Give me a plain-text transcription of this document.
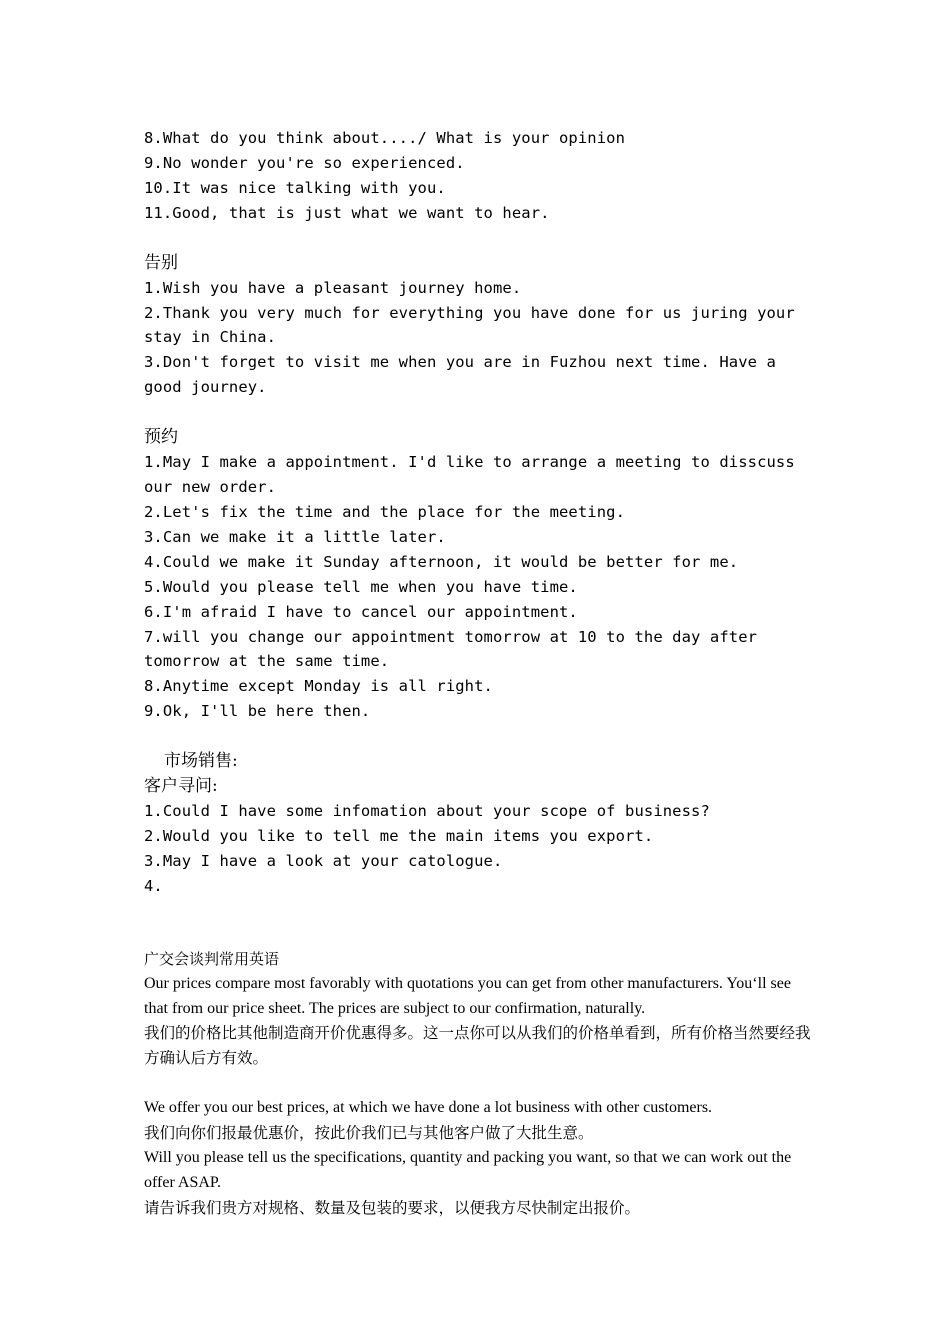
8.What do you think about..../ What is your opinion
9.No wonder you're so experienced.
10.It was nice talking with you.
11.Good, that is just what we want to hear.
告别
1.Wish you have a pleasant journey home.
2.Thank you very much for everything you have done for us juring your stay in China.
3.Don't forget to visit me when you are in Fuzhou next time. Have a good journey.
预约
1.May I make a appointment. I'd like to arrange a meeting to disscuss our new order.
2.Let's fix the time and the place for the meeting.
3.Can we make it a little later.
4.Could we make it Sunday afternoon, it would be better for me.
5.Would you please tell me when you have time.
6.I'm afraid I have to cancel our appointment.
7.will you change our appointment tomorrow at 10 to the day after tomorrow at the same time.
8.Anytime except Monday is all right.
9.Ok, I'll be here then.
市场销售:
客户寻问:
1.Could I have some infomation about your scope of business?
2.Would you like to tell me the main items you export.
3.May I have a look at your catologue.
4.
广交会谈判常用英语
Our prices compare most favorably with quotations you can get from other manufacturers. You‘ll see that from our price sheet. The prices are subject to our confirmation, naturally.
我们的价格比其他制造商开价优惠得多。这一点你可以从我们的价格单看到，所有价格当然要经我方确认后方有效。
We offer you our best prices, at which we have done a lot business with other customers.
我们向你们报最优惠价，按此价我们已与其他客户做了大批生意。
Will you please tell us the specifications, quantity and packing you want, so that we can work out the offer ASAP.
请告诉我们贵方对规格、数量及包装的要求，以便我方尽快制定出报价。
